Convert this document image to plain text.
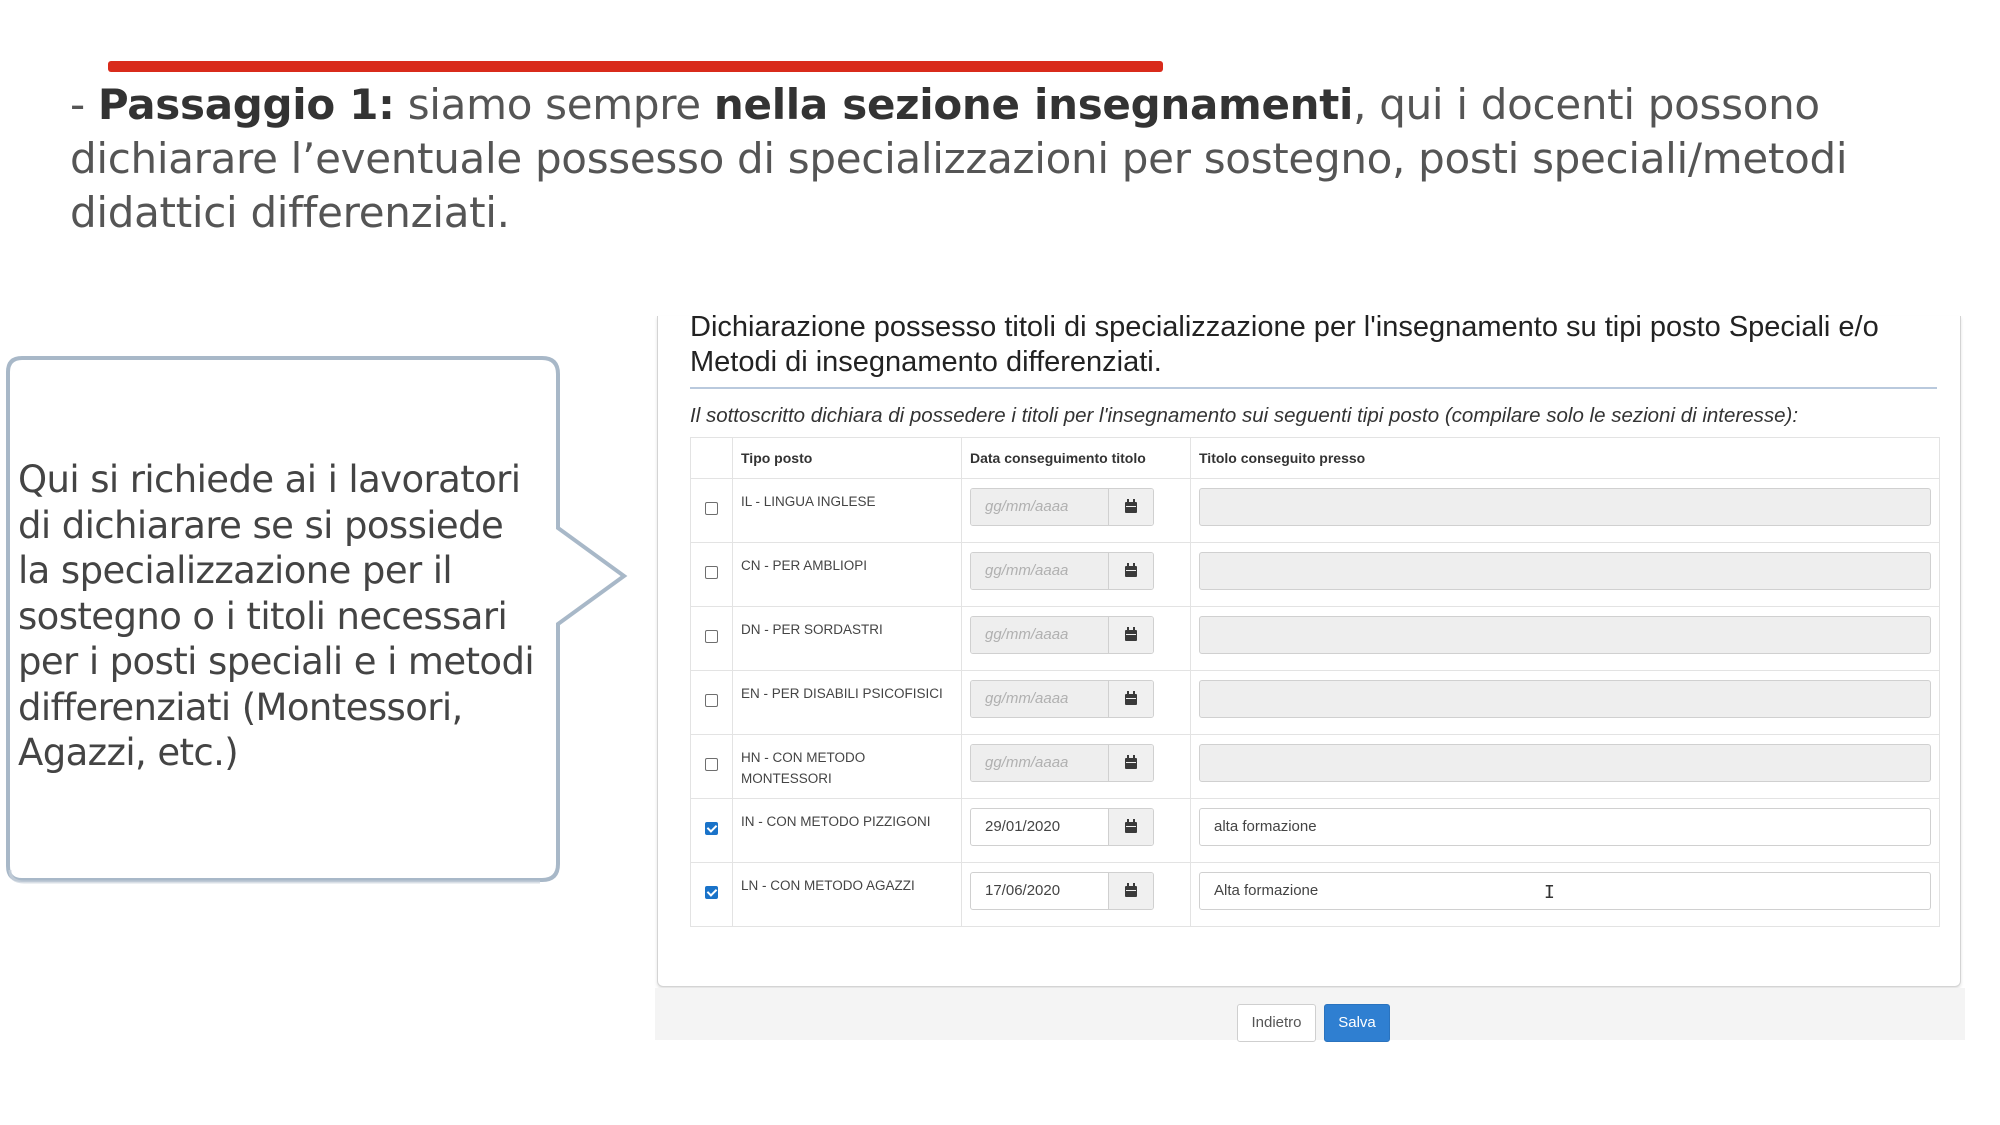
- Passaggio 1: siamo sempre nella sezione insegnamenti, qui i docenti possono dichiarare l’eventuale possesso di specializzazioni per sostegno, posti speciali/metodi didattici differenziati.
Qui si richiede ai i lavoratori di dichiarare se si possiede la specializzazione per il sostegno o i titoli necessari per i posti speciali e i metodi differenziati (Montessori, Agazzi, etc.)
Dichiarazione possesso titoli di specializzazione per l'insegnamento su tipi posto Speciali e/o Metodi di insegnamento differenziati.
Il sottoscritto dichiara di possedere i titoli per l'insegnamento sui seguenti tipi posto (compilare solo le sezioni di interesse):
	Tipo posto	Data conseguimento titolo	Titolo conseguito presso

	IL - LINGUA INGLESE	gg/mm/aaaa	

	CN - PER AMBLIOPI	gg/mm/aaaa	

	DN - PER SORDASTRI	gg/mm/aaaa	

	EN - PER DISABILI PSICOFISICI	gg/mm/aaaa	

	HN - CON METODO MONTESSORI	gg/mm/aaaa	

	IN - CON METODO PIZZIGONI	29/01/2020	alta formazione

	LN - CON METODO AGAZZI	17/06/2020	Alta formazione	I
Indietro	Salva
